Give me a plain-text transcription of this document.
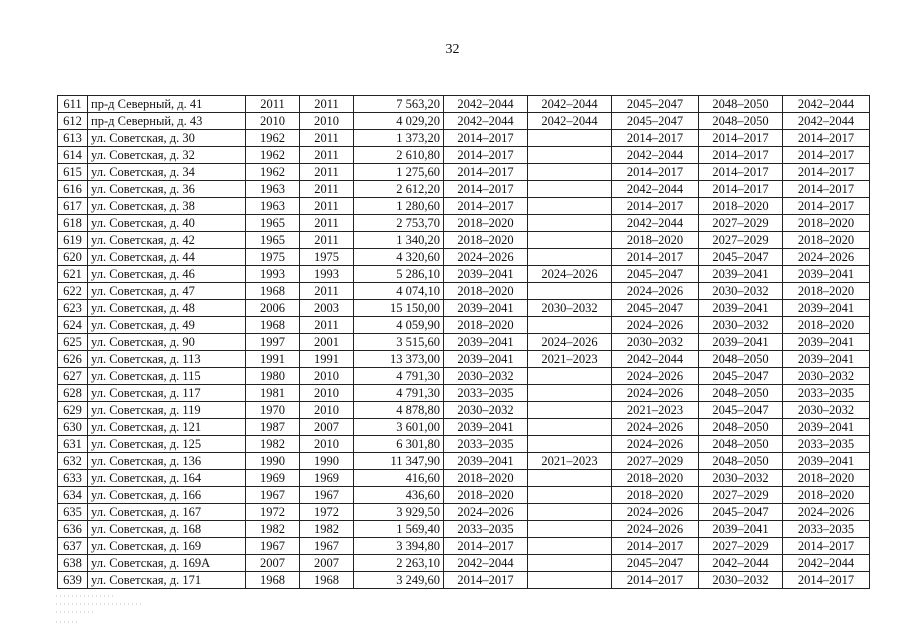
32
611	пр-д Северный, д. 41	2011	2011	7 563,20	2042–2044	2042–2044	2045–2047	2048–2050	2042–2044
612	пр-д Северный, д. 43	2010	2010	4 029,20	2042–2044	2042–2044	2045–2047	2048–2050	2042–2044
613	ул. Советская, д. 30	1962	2011	1 373,20	2014–2017		2014–2017	2014–2017	2014–2017
614	ул. Советская, д. 32	1962	2011	2 610,80	2014–2017		2042–2044	2014–2017	2014–2017
615	ул. Советская, д. 34	1962	2011	1 275,60	2014–2017		2014–2017	2014–2017	2014–2017
616	ул. Советская, д. 36	1963	2011	2 612,20	2014–2017		2042–2044	2014–2017	2014–2017
617	ул. Советская, д. 38	1963	2011	1 280,60	2014–2017		2014–2017	2018–2020	2014–2017
618	ул. Советская, д. 40	1965	2011	2 753,70	2018–2020		2042–2044	2027–2029	2018–2020
619	ул. Советская, д. 42	1965	2011	1 340,20	2018–2020		2018–2020	2027–2029	2018–2020
620	ул. Советская, д. 44	1975	1975	4 320,60	2024–2026		2014–2017	2045–2047	2024–2026
621	ул. Советская, д. 46	1993	1993	5 286,10	2039–2041	2024–2026	2045–2047	2039–2041	2039–2041
622	ул. Советская, д. 47	1968	2011	4 074,10	2018–2020		2024–2026	2030–2032	2018–2020
623	ул. Советская, д. 48	2006	2003	15 150,00	2039–2041	2030–2032	2045–2047	2039–2041	2039–2041
624	ул. Советская, д. 49	1968	2011	4 059,90	2018–2020		2024–2026	2030–2032	2018–2020
625	ул. Советская, д. 90	1997	2001	3 515,60	2039–2041	2024–2026	2030–2032	2039–2041	2039–2041
626	ул. Советская, д. 113	1991	1991	13 373,00	2039–2041	2021–2023	2042–2044	2048–2050	2039–2041
627	ул. Советская, д. 115	1980	2010	4 791,30	2030–2032		2024–2026	2045–2047	2030–2032
628	ул. Советская, д. 117	1981	2010	4 791,30	2033–2035		2024–2026	2048–2050	2033–2035
629	ул. Советская, д. 119	1970	2010	4 878,80	2030–2032		2021–2023	2045–2047	2030–2032
630	ул. Советская, д. 121	1987	2007	3 601,00	2039–2041		2024–2026	2048–2050	2039–2041
631	ул. Советская, д. 125	1982	2010	6 301,80	2033–2035		2024–2026	2048–2050	2033–2035
632	ул. Советская, д. 136	1990	1990	11 347,90	2039–2041	2021–2023	2027–2029	2048–2050	2039–2041
633	ул. Советская, д. 164	1969	1969	416,60	2018–2020		2018–2020	2030–2032	2018–2020
634	ул. Советская, д. 166	1967	1967	436,60	2018–2020		2018–2020	2027–2029	2018–2020
635	ул. Советская, д. 167	1972	1972	3 929,50	2024–2026		2024–2026	2045–2047	2024–2026
636	ул. Советская, д. 168	1982	1982	1 569,40	2033–2035		2024–2026	2039–2041	2033–2035
637	ул. Советская, д. 169	1967	1967	3 394,80	2014–2017		2014–2017	2027–2029	2014–2017
638	ул. Советская, д. 169А	2007	2007	2 263,10	2042–2044		2045–2047	2042–2044	2042–2044
639	ул. Советская, д. 171	1968	1968	3 249,60	2014–2017		2014–2017	2030–2032	2014–2017
